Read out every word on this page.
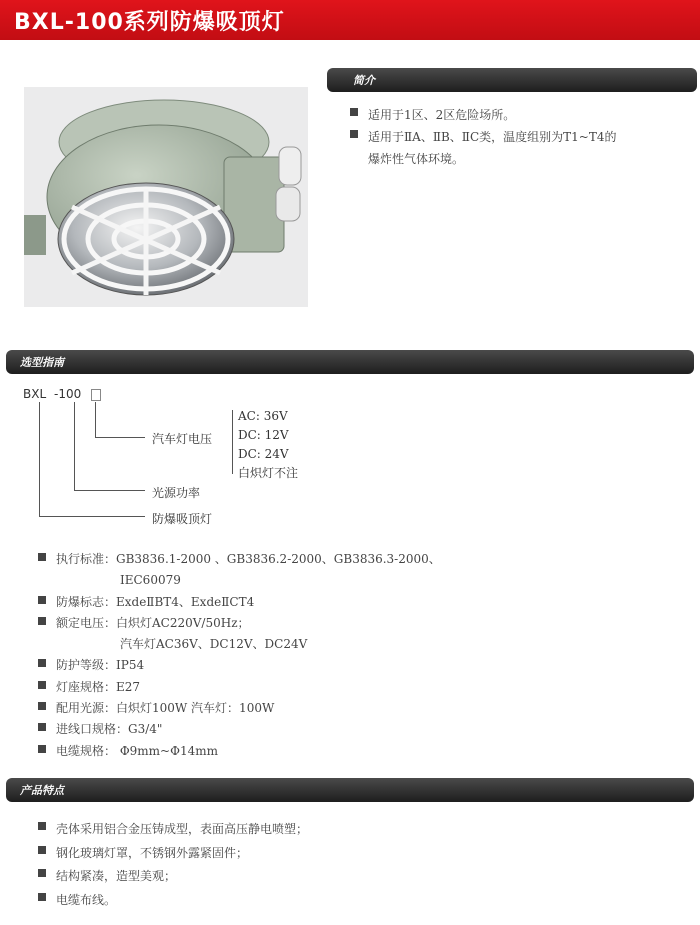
BXL-100系列防爆吸顶灯
简介
适用于1区、2区危险场所。
适用于ⅡA、ⅡB、ⅡC类，温度组别为T1~T4的
爆炸性气体环境。
选型指南
BXL -100
汽车灯电压
光源功率
防爆吸顶灯
AC: 36V
DC: 12V
DC: 24V
白炽灯不注
执行标准：GB3836.1-2000 、GB3836.2-2000、GB3836.3-2000、
IEC60079
防爆标志：ExdeⅡBT4、ExdeⅡCT4
额定电压：白炽灯AC220V/50Hz；
汽车灯AC36V、DC12V、DC24V
防护等级：IP54
灯座规格：E27
配用光源：白炽灯100W 汽车灯：100W
进线口规格：G3/4"
电缆规格： Φ9mm~Φ14mm
产品特点
壳体采用铝合金压铸成型，表面高压静电喷塑；
钢化玻璃灯罩，不锈钢外露紧固件；
结构紧凑，造型美观；
电缆布线。
